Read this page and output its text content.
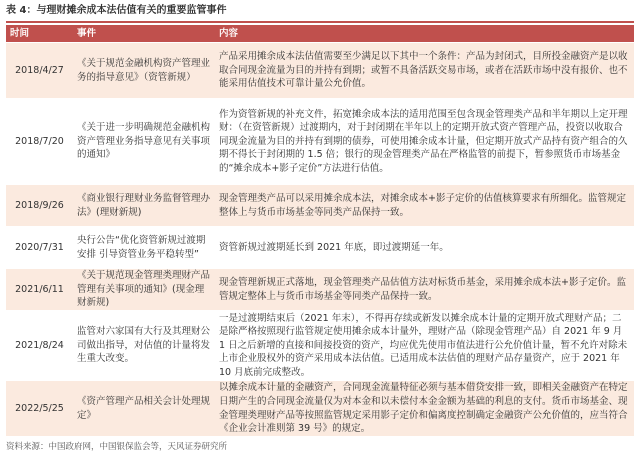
表 4：与理财摊余成本法估值有关的重要监管事件
时间	事件	内容
2018/4/27	《关于规范金融机构资产管理业务的指导意见》（资管新规）	产品采用摊余成本法估值需要至少满足以下其中一个条件：产品为封闭式，目所投金融资产是以收取合同现金流量为目的并持有到期；或暂不具备活跃交易市场，或者在活跃市场中没有报价、也不能采用估值技术可靠计量公允价值。
2018/7/20	《关于进一步明确规范金融机构资产管理业务指导意见有关事项的通知》	作为资管新规的补充文件，拓宽摊余成本法的适用范围至包含现金管理类产品和半年期以上定开理财：（在资管新规）过渡期内，对于封闭期在半年以上的定期开放式资产管理产品，投资以收取合同现金流量为目的并持有到期的债券，可使用摊余成本计量，但定期开放式产品持有资产组合的久期不得长于封闭期的 1.5 倍；银行的现金管理类产品在严格监管的前提下，暂参照货币市场基金的“摊余成本+影子定价”方法进行估值。
2018/9/26	《商业银行理财业务监督管理办法》(理财新规)	现金管理类产品可以采用摊余成本法，对摊余成本+影子定价的估值核算要求有所细化。监管规定整体上与货币市场基金等同类产品保持一致。
2020/7/31	央行公告“优化资管新规过渡期安排 引导资管业务平稳转型”	资管新规过渡期延长到 2021 年底，即过渡期延一年。
2021/6/11	《关于规范现金管理类理财产品管理有关事项的通知》(现金理财新规)	现金管理新规正式落地，现金管理类产品估值方法对标货币基金，采用摊余成本法+影子定价。监管规定整体上与货币市场基金等同类产品保持一致。
2021/8/24	监管对六家国有大行及其理财公司做出指导，对估值的计量将发生重大改变。	一是过渡期结束后（2021 年末），不得再存续或新发以摊余成本计量的定期开放式理财产品；二是除严格按照现行监管规定使用摊余成本计量外，理财产品（除现金管理产品）自 2021 年 9 月 1 日之后新增的直接和间接投资的资产，均应优先使用市值法进行公允价值计量，暂不允许对除未上市企业股权外的资产采用成本法估值。已适用成本法估值的理财产品存量资产，应于 2021 年 10 月底前完成整改。
2022/5/25	《资产管理产品相关会计处理规定》	以摊余成本计量的金融资产，合同现金流量特征必须与基本借贷安排一致，即相关金融资产在特定日期产生的合同现金流量仅为对本金和以未偿付本金金额为基础的利息的支付。货币市场基金、现金管理类理财产品等按照监管规定采用影子定价和偏离度控制确定金融资产公允价值的，应当符合《企业会计准则第 39 号》的规定。
资料来源：中国政府网，中国银保监会等，天风证券研究所
